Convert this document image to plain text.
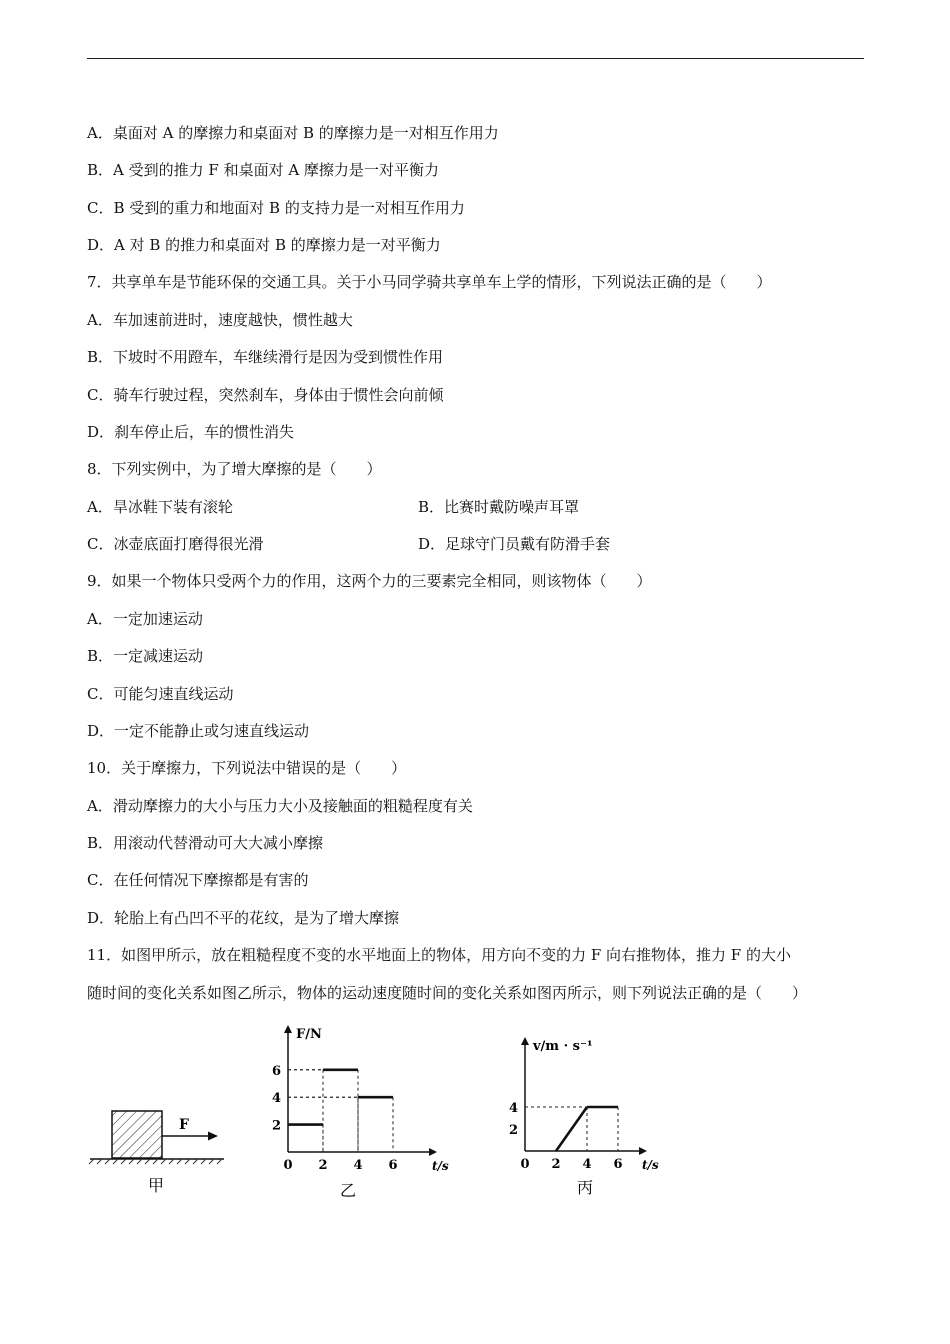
A．桌面对 A 的摩擦力和桌面对 B 的摩擦力是一对相互作用力
B．A 受到的推力 F 和桌面对 A 摩擦力是一对平衡力
C．B 受到的重力和地面对 B 的支持力是一对相互作用力
D．A 对 B 的推力和桌面对 B 的摩擦力是一对平衡力
7．共享单车是节能环保的交通工具。关于小马同学骑共享单车上学的情形，下列说法正确的是（　　）
A．车加速前进时，速度越快，惯性越大
B．下坡时不用蹬车，车继续滑行是因为受到惯性作用
C．骑车行驶过程，突然刹车，身体由于惯性会向前倾
D．刹车停止后，车的惯性消失
8．下列实例中，为了增大摩擦的是（　　）
A．旱冰鞋下装有滚轮	B．比赛时戴防噪声耳罩
C．冰壶底面打磨得很光滑	D．足球守门员戴有防滑手套
9．如果一个物体只受两个力的作用，这两个力的三要素完全相同，则该物体（　　）
A．一定加速运动
B．一定减速运动
C．可能匀速直线运动
D．一定不能静止或匀速直线运动
10．关于摩擦力，下列说法中错误的是（　　）
A．滑动摩擦力的大小与压力大小及接触面的粗糙程度有关
B．用滚动代替滑动可大大减小摩擦
C．在任何情况下摩擦都是有害的
D．轮胎上有凸凹不平的花纹，是为了增大摩擦
11．如图甲所示，放在粗糙程度不变的水平地面上的物体，用方向不变的力 F 向右推物体，推力 F 的大小
随时间的变化关系如图乙所示，物体的运动速度随时间的变化关系如图丙所示，则下列说法正确的是（　　）
F
甲
0 2 4 6
2
4
6
F/N
t/s
乙
0 2 4 6
2
4
v/m · s⁻¹
t/s
丙
